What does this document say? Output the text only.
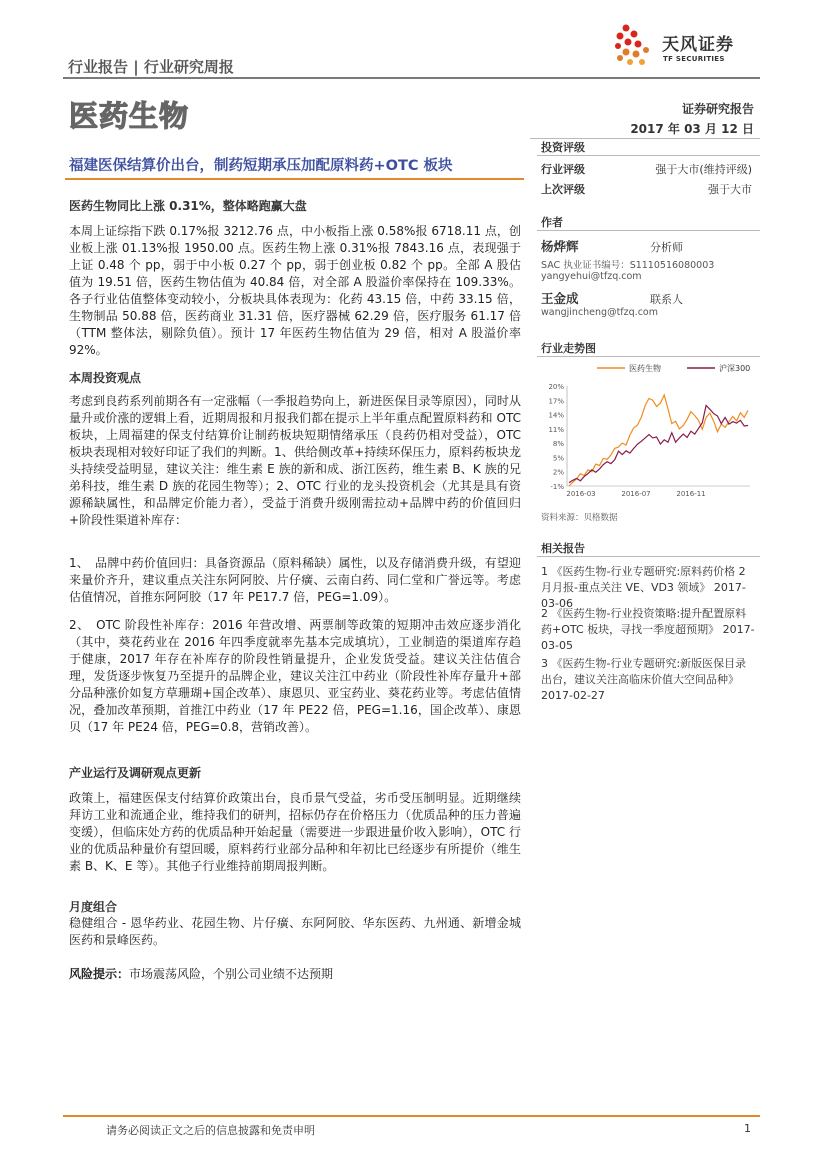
行业报告 | 行业研究周报
天风证券
TF SECURITIES
医药生物	证券研究报告
2017 年 03 月 12 日
福建医保结算价出台，制药短期承压加配原料药+OTC 板块
医药生物同比上涨 0.31%，整体略跑赢大盘
本周上证综指下跌 0.17%报 3212.76 点，中小板指上涨 0.58%报 6718.11 点，创业板上涨 01.13%报 1950.00 点。医药生物上涨 0.31%报 7843.16 点，表现强于上证 0.48 个 pp，弱于中小板 0.27 个 pp，弱于创业板 0.82 个 pp。全部 A 股估值为 19.51 倍，医药生物估值为 40.84 倍，对全部 A 股溢价率保持在 109.33%。各子行业估值整体变动较小，分板块具体表现为：化药 43.15 倍，中药 33.15 倍，生物制品 50.88 倍，医药商业 31.31 倍，医疗器械 62.29 倍，医疗服务 61.17 倍（TTM 整体法，剔除负值）。预计 17 年医药生物估值为 29 倍，相对 A 股溢价率 92%。
本周投资观点
考虑到良药系列前期各有一定涨幅（一季报趋势向上，新进医保目录等原因），同时从量升或价涨的逻辑上看，近期周报和月报我们都在提示上半年重点配置原料药和 OTC 板块，上周福建的保支付结算价让制药板块短期情绪承压（良药仍相对受益），OTC 板块表现相对较好印证了我们的判断。1、供给侧改革+持续环保压力，原料药板块龙头持续受益明显，建议关注：维生素 E 族的新和成、浙江医药，维生素 B、K 族的兄弟科技，维生素 D 族的花园生物等）；2、OTC 行业的龙头投资机会（尤其是具有资源稀缺属性，和品牌定价能力者），受益于消费升级刚需拉动+品牌中药的价值回归+阶段性渠道补库存：
1、　品牌中药价值回归：具备资源品（原料稀缺）属性，以及存储消费升级，有望迎来量价齐升，建议重点关注东阿阿胶、片仔癀、云南白药、同仁堂和广誉远等。考虑估值情况，首推东阿阿胶（17 年 PE17.7 倍，PEG=1.09）。
2、　OTC 阶段性补库存：2016 年营改增、两票制等政策的短期冲击效应逐步消化（其中，葵花药业在 2016 年四季度就率先基本完成填坑），工业制造的渠道库存趋于健康，2017 年存在补库存的阶段性销量提升，企业发货受益。建议关注估值合理，发货逐步恢复乃至提升的品牌企业，建议关注江中药业（阶段性补库存量升+部分品种涨价如复方草珊瑚+国企改革）、康恩贝、亚宝药业、葵花药业等。考虑估值情况，叠加改革预期，首推江中药业（17 年 PE22 倍，PEG=1.16，国企改革）、康恩贝（17 年 PE24 倍，PEG=0.8，营销改善）。
产业运行及调研观点更新
政策上，福建医保支付结算价政策出台，良币景气受益，劣币受压制明显。近期继续拜访工业和流通企业，维持我们的研判，招标仍存在价格压力（优质品种的压力普遍变缓），但临床处方药的优质品种开始起量（需要进一步跟进量价收入影响），OTC 行业的优质品种量价有望回暖，原料药行业部分品种和年初比已经逐步有所提价（维生素 B、K、E 等）。其他子行业维持前期周报判断。
月度组合
稳健组合 - 恩华药业、花园生物、片仔癀、东阿阿胶、华东医药、九州通、新增金城医药和景峰医药。
风险提示：市场震荡风险，个别公司业绩不达预期
投资评级
行业评级	强于大市(维持评级)
上次评级	强于大市
作者
杨烨辉	分析师
SAC 执业证书编号：S1110516080003
yangyehui@tfzq.com
王金成	联系人
wangjincheng@tfzq.com
行业走势图
20%
17%
14%
11%
8%
5%
2%
-1%
2016-03	2016-07	2016-11
医药生物	沪深300
资料来源：贝格数据
相关报告
1 《医药生物-行业专题研究:原料药价格 2 月月报-重点关注 VE、VD3 领域》 2017-03-06
2 《医药生物-行业投资策略:提升配置原料药+OTC 板块，寻找一季度超预期》 2017-03-05
3 《医药生物-行业专题研究:新版医保目录出台，建议关注高临床价值大空间品种》 2017-02-27
请务必阅读正文之后的信息披露和免责申明	1
